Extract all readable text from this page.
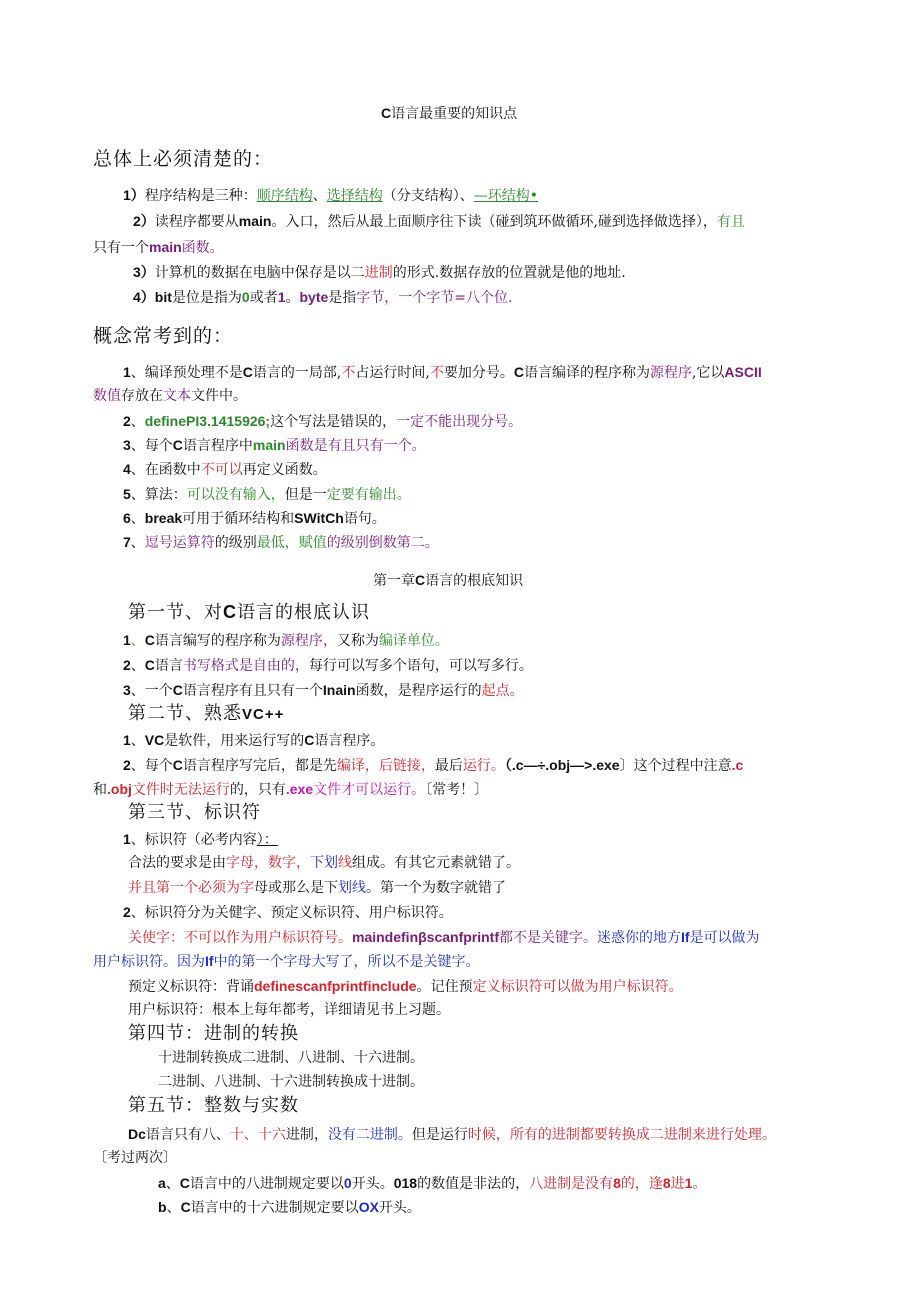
C语言最重要的知识点
总体上必须清楚的：
1）程序结构是三种：顺序结构、选择结构（分支结构）、—环结构•
2）读程序都要从main。入口，然后从最上面顺序往下读（碰到筑环做循环,碰到选择做选择），有且
只有一个main函数。
3）计算机的数据在电脑中保存是以二进制的形式.数据存放的位置就是他的地址.
4）bit是位是指为0或者1。byte是指字节，一个字节=八个位.
概念常考到的：
1、编译预处理不是C语言的一局部,不占运行时间,不要加分号。C语言编译的程序称为源程序,它以ASCII
数值存放在文本文件中。
2、definePI3.1415926;这个写法是错误的，一定不能出现分号。
3、每个C语言程序中main函数是有且只有一个。
4、在函数中不可以再定义函数。
5、算法：可以没有输入，但是一定要有输出。
6、break可用于循环结构和SWitCh语句。
7、逗号运算符的级别最低，赋值的级别倒数第二。
第一章C语言的根底知识
第一节、对C语言的根底认识
1、C语言编写的程序称为源程序，又称为编译单位。
2、C语言书写格式是自由的，每行可以写多个语句，可以写多行。
3、一个C语言程序有且只有一个Inain函数，是程序运行的起点。
第二节、熟悉VC++
1、VC是软件，用来运行写的C语言程序。
2、每个C语言程序写完后，都是先编译，后链接，最后运行。（.c—÷.obj—>.exe〕这个过程中注意.c
和.obj文件时无法运行的，只有.exe文件才可以运行。〔常考！〕
第三节、标识符
1、标识符（必考内容）：
合法的要求是由字母，数字，下划线组成。有其它元素就错了。
并且第一个必须为字母或那么是下划线。第一个为数字就错了
2、标识符分为关健字、预定义标识符、用户标识符。
关使字：不可以作为用户标识符号。maindefinβscanfprintf都不是关键字。迷惑你的地方If是可以做为
用户标识符。因为If中的第一个字母大写了，所以不是关键字。
预定义标识符：背诵definescanfprintfinclude。记住预定义标识符可以做为用户标识符。
用户标识符：根本上每年都考，详细请见书上习题。
第四节：进制的转换
十进制转换成二进制、八进制、十六进制。
二进制、八进制、十六进制转换成十进制。
第五节：整数与实数
Dc语言只有八、十、十六进制，没有二进制。但是运行时候，所有的进制都要转换成二进制来进行处理。
〔考过两次〕
a、C语言中的八进制规定要以0开头。018的数值是非法的，八进制是没有8的，逢8进1。
b、C语言中的十六进制规定要以OX开头。
